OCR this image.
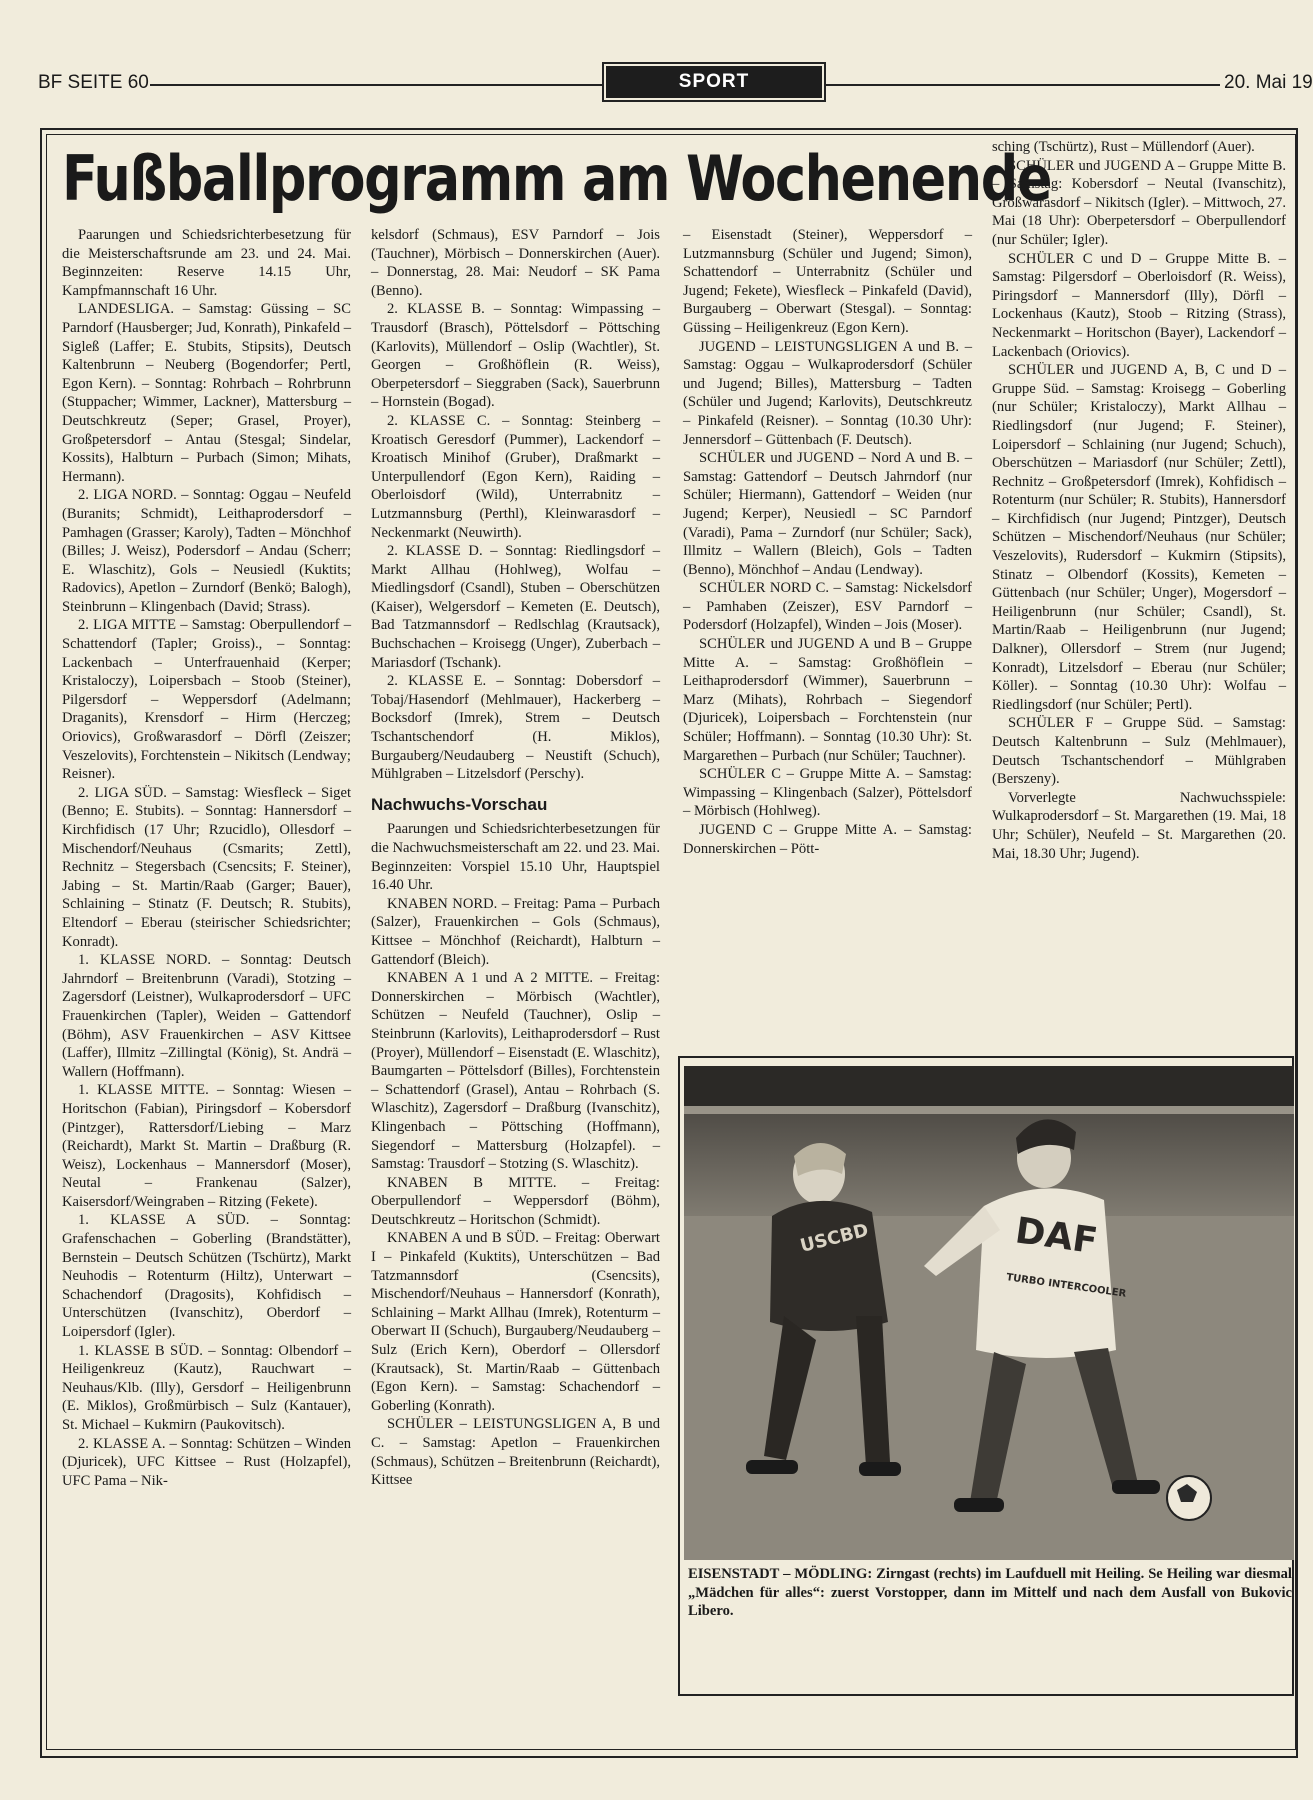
BF SEITE 60	SPORT	20. Mai 19
Fußballprogramm am Wochenende

Paarungen und Schiedsrichterbesetzung für die Meisterschaftsrunde am 23. und 24. Mai. Beginnzeiten: Reserve 14.15 Uhr, Kampfmannschaft 16 Uhr.

LANDESLIGA. – Samstag: Güssing – SC Parndorf (Hausberger; Jud, Konrath), Pinkafeld – Sigleß (Laffer; E. Stubits, Stipsits), Deutsch Kaltenbrunn – Neuberg (Bogendorfer; Pertl, Egon Kern). – Sonntag: Rohrbach – Rohrbrunn (Stuppacher; Wimmer, Lackner), Mattersburg – Deutschkreutz (Seper; Grasel, Proyer), Großpetersdorf – Antau (Stesgal; Sindelar, Kossits), Halbturn – Purbach (Simon; Mihats, Hermann).

2. LIGA NORD. – Sonntag: Oggau – Neufeld (Buranits; Schmidt), Leithaprodersdorf – Pamhagen (Grasser; Karoly), Tadten – Mönchhof (Billes; J. Weisz), Podersdorf – Andau (Scherr; E. Wlaschitz), Gols – Neusiedl (Kuktits; Radovics), Apetlon – Zurndorf (Benkö; Balogh), Steinbrunn – Klingenbach (David; Strass).

2. LIGA MITTE – Samstag: Oberpullendorf – Schattendorf (Tapler; Groiss)., – Sonntag: Lackenbach – Unterfrauenhaid (Kerper; Kristaloczy), Loipersbach – Stoob (Steiner), Pilgersdorf – Weppersdorf (Adelmann; Draganits), Krensdorf – Hirm (Herczeg; Oriovics), Großwarasdorf – Dörfl (Zeiszer; Veszelovits), Forchtenstein – Nikitsch (Lendway; Reisner).

2. LIGA SÜD. – Samstag: Wiesfleck – Siget (Benno; E. Stubits). – Sonntag: Hannersdorf – Kirchfidisch (17 Uhr; Rzucidlo), Ollesdorf – Mischendorf/Neuhaus (Csmarits; Zettl), Rechnitz – Stegersbach (Csencsits; F. Steiner), Jabing – St. Martin/Raab (Garger; Bauer), Schlaining – Stinatz (F. Deutsch; R. Stubits), Eltendorf – Eberau (steirischer Schiedsrichter; Konradt).

1. KLASSE NORD. – Sonntag: Deutsch Jahrndorf – Breitenbrunn (Varadi), Stotzing – Zagersdorf (Leistner), Wulkaprodersdorf – UFC Frauenkirchen (Tapler), Weiden – Gattendorf (Böhm), ASV Frauenkirchen – ASV Kittsee (Laffer), Illmitz –Zillingtal (König), St. Andrä – Wallern (Hoffmann).

1. KLASSE MITTE. – Sonntag: Wiesen – Horitschon (Fabian), Piringsdorf – Kobersdorf (Pintzger), Rattersdorf/Liebing – Marz (Reichardt), Markt St. Martin – Draßburg (R. Weisz), Lockenhaus – Mannersdorf (Moser), Neutal – Frankenau (Salzer), Kaisersdorf/Weingraben – Ritzing (Fekete).

1. KLASSE A SÜD. – Sonntag: Grafenschachen – Goberling (Brandstätter), Bernstein – Deutsch Schützen (Tschürtz), Markt Neuhodis – Rotenturm (Hiltz), Unterwart – Schachendorf (Dragosits), Kohfidisch – Unterschützen (Ivanschitz), Oberdorf – Loipersdorf (Igler).

1. KLASSE B SÜD. – Sonntag: Olbendorf – Heiligenkreuz (Kautz), Rauchwart – Neuhaus/Klb. (Illy), Gersdorf – Heiligenbrunn (E. Miklos), Großmürbisch – Sulz (Kantauer), St. Michael – Kukmirn (Paukovitsch).

2. KLASSE A. – Sonntag: Schützen – Winden (Djuricek), UFC Kittsee – Rust (Holzapfel), UFC Pama – Nik-

kelsdorf (Schmaus), ESV Parndorf – Jois (Tauchner), Mörbisch – Donnerskirchen (Auer). – Donnerstag, 28. Mai: Neudorf – SK Pama (Benno).

2. KLASSE B. – Sonntag: Wimpassing – Trausdorf (Brasch), Pöttelsdorf – Pöttsching (Karlovits), Müllendorf – Oslip (Wachtler), St. Georgen – Großhöflein (R. Weiss), Oberpetersdorf – Sieggraben (Sack), Sauerbrunn – Hornstein (Bogad).

2. KLASSE C. – Sonntag: Steinberg – Kroatisch Geresdorf (Pummer), Lackendorf – Kroatisch Minihof (Gruber), Draßmarkt – Unterpullendorf (Egon Kern), Raiding – Oberloisdorf (Wild), Unterrabnitz – Lutzmannsburg (Perthl), Kleinwarasdorf – Neckenmarkt (Neuwirth).

2. KLASSE D. – Sonntag: Riedlingsdorf – Markt Allhau (Hohlweg), Wolfau – Miedlingsdorf (Csandl), Stuben – Oberschützen (Kaiser), Welgersdorf – Kemeten (E. Deutsch), Bad Tatzmannsdorf – Redlschlag (Krautsack), Buchschachen – Kroisegg (Unger), Zuberbach – Mariasdorf (Tschank).

2. KLASSE E. – Sonntag: Dobersdorf – Tobaj/Hasendorf (Mehlmauer), Hackerberg – Bocksdorf (Imrek), Strem – Deutsch Tschantschendorf (H. Miklos), Burgauberg/Neudauberg – Neustift (Schuch), Mühlgraben – Litzelsdorf (Perschy).

Nachwuchs-Vorschau

Paarungen und Schiedsrichterbesetzungen für die Nachwuchsmeisterschaft am 22. und 23. Mai. Beginnzeiten: Vorspiel 15.10 Uhr, Hauptspiel 16.40 Uhr.

KNABEN NORD. – Freitag: Pama – Purbach (Salzer), Frauenkirchen – Gols (Schmaus), Kittsee – Mönchhof (Reichardt), Halbturn – Gattendorf (Bleich).

KNABEN A 1 und A 2 MITTE. – Freitag: Donnerskirchen – Mörbisch (Wachtler), Schützen – Neufeld (Tauchner), Oslip – Steinbrunn (Karlovits), Leithaprodersdorf – Rust (Proyer), Müllendorf – Eisenstadt (E. Wlaschitz), Baumgarten – Pöttelsdorf (Billes), Forchtenstein – Schattendorf (Grasel), Antau – Rohrbach (S. Wlaschitz), Zagersdorf – Draßburg (Ivanschitz), Klingenbach – Pöttsching (Hoffmann), Siegendorf – Mattersburg (Holzapfel). – Samstag: Trausdorf – Stotzing (S. Wlaschitz).

KNABEN B MITTE. – Freitag: Oberpullendorf – Weppersdorf (Böhm), Deutschkreutz – Horitschon (Schmidt).

KNABEN A und B SÜD. – Freitag: Oberwart I – Pinkafeld (Kuktits), Unterschützen – Bad Tatzmannsdorf (Csencsits), Mischendorf/Neuhaus – Hannersdorf (Konrath), Schlaining – Markt Allhau (Imrek), Rotenturm – Oberwart II (Schuch), Burgauberg/Neudauberg – Sulz (Erich Kern), Oberdorf – Ollersdorf (Krautsack), St. Martin/Raab – Güttenbach (Egon Kern). – Samstag: Schachendorf – Goberling (Konrath).

SCHÜLER – LEISTUNGSLIGEN A, B und C. – Samstag: Apetlon – Frauenkirchen (Schmaus), Schützen – Breitenbrunn (Reichardt), Kittsee

– Eisenstadt (Steiner), Weppersdorf – Lutzmannsburg (Schüler und Jugend; Simon), Schattendorf – Unterrabnitz (Schüler und Jugend; Fekete), Wiesfleck – Pinkafeld (David), Burgauberg – Oberwart (Stesgal). – Sonntag: Güssing – Heiligenkreuz (Egon Kern).

JUGEND – LEISTUNGSLIGEN A und B. – Samstag: Oggau – Wulkaprodersdorf (Schüler und Jugend; Billes), Mattersburg – Tadten (Schüler und Jugend; Karlovits), Deutschkreutz – Pinkafeld (Reisner). – Sonntag (10.30 Uhr): Jennersdorf – Güttenbach (F. Deutsch).

SCHÜLER und JUGEND – Nord A und B. – Samstag: Gattendorf – Deutsch Jahrndorf (nur Schüler; Hiermann), Gattendorf – Weiden (nur Jugend; Kerper), Neusiedl – SC Parndorf (Varadi), Pama – Zurndorf (nur Schüler; Sack), Illmitz – Wallern (Bleich), Gols – Tadten (Benno), Mönchhof – Andau (Lendway).

SCHÜLER NORD C. – Samstag: Nickelsdorf – Pamhaben (Zeiszer), ESV Parndorf – Podersdorf (Holzapfel), Winden – Jois (Moser).

SCHÜLER und JUGEND A und B – Gruppe Mitte A. – Samstag: Großhöflein – Leithaprodersdorf (Wimmer), Sauerbrunn – Marz (Mihats), Rohrbach – Siegendorf (Djuricek), Loipersbach – Forchtenstein (nur Schüler; Hoffmann). – Sonntag (10.30 Uhr): St. Margarethen – Purbach (nur Schüler; Tauchner).

SCHÜLER C – Gruppe Mitte A. – Samstag: Wimpassing – Klingenbach (Salzer), Pöttelsdorf – Mörbisch (Hohlweg).

JUGEND C – Gruppe Mitte A. – Samstag: Donnerskirchen – Pött-

sching (Tschürtz), Rust – Müllendorf (Auer).

SCHÜLER und JUGEND A – Gruppe Mitte B. – Samstag: Kobersdorf – Neutal (Ivanschitz), Großwarasdorf – Nikitsch (Igler). – Mittwoch, 27. Mai (18 Uhr): Oberpetersdorf – Oberpullendorf (nur Schüler; Igler).

SCHÜLER C und D – Gruppe Mitte B. – Samstag: Pilgersdorf – Oberloisdorf (R. Weiss), Piringsdorf – Mannersdorf (Illy), Dörfl – Lockenhaus (Kautz), Stoob – Ritzing (Strass), Neckenmarkt – Horitschon (Bayer), Lackendorf – Lackenbach (Oriovics).

SCHÜLER und JUGEND A, B, C und D – Gruppe Süd. – Samstag: Kroisegg – Goberling (nur Schüler; Kristaloczy), Markt Allhau – Riedlingsdorf (nur Jugend; F. Steiner), Loipersdorf – Schlaining (nur Jugend; Schuch), Oberschützen – Mariasdorf (nur Schüler; Zettl), Rechnitz – Großpetersdorf (Imrek), Kohfidisch – Rotenturm (nur Schüler; R. Stubits), Hannersdorf – Kirchfidisch (nur Jugend; Pintzger), Deutsch Schützen – Mischendorf/Neuhaus (nur Schüler; Veszelovits), Rudersdorf – Kukmirn (Stipsits), Stinatz – Olbendorf (Kossits), Kemeten – Güttenbach (nur Schüler; Unger), Mogersdorf – Heiligenbrunn (nur Schüler; Csandl), St. Martin/Raab – Heiligenbrunn (nur Jugend; Dalkner), Ollersdorf – Strem (nur Jugend; Konradt), Litzelsdorf – Eberau (nur Schüler; Köller). – Sonntag (10.30 Uhr): Wolfau – Riedlingsdorf (nur Schüler; Pertl).

SCHÜLER F – Gruppe Süd. – Samstag: Deutsch Kaltenbrunn – Sulz (Mehlmauer), Deutsch Tschantschendorf – Mühlgraben (Berszeny).

Vorverlegte Nachwuchsspiele: Wulkaprodersdorf – St. Margarethen (19. Mai, 18 Uhr; Schüler), Neufeld – St. Margarethen (20. Mai, 18.30 Uhr; Jugend).

USCBD	DAF
TURBO INTERCOOLER
EISENSTADT – MÖDLING: Zirngast (rechts) im Laufduell mit Heiling. Se Heiling war diesmal „Mädchen für alles“: zuerst Vorstopper, dann im Mittelf und nach dem Ausfall von Bukovic Libero.
